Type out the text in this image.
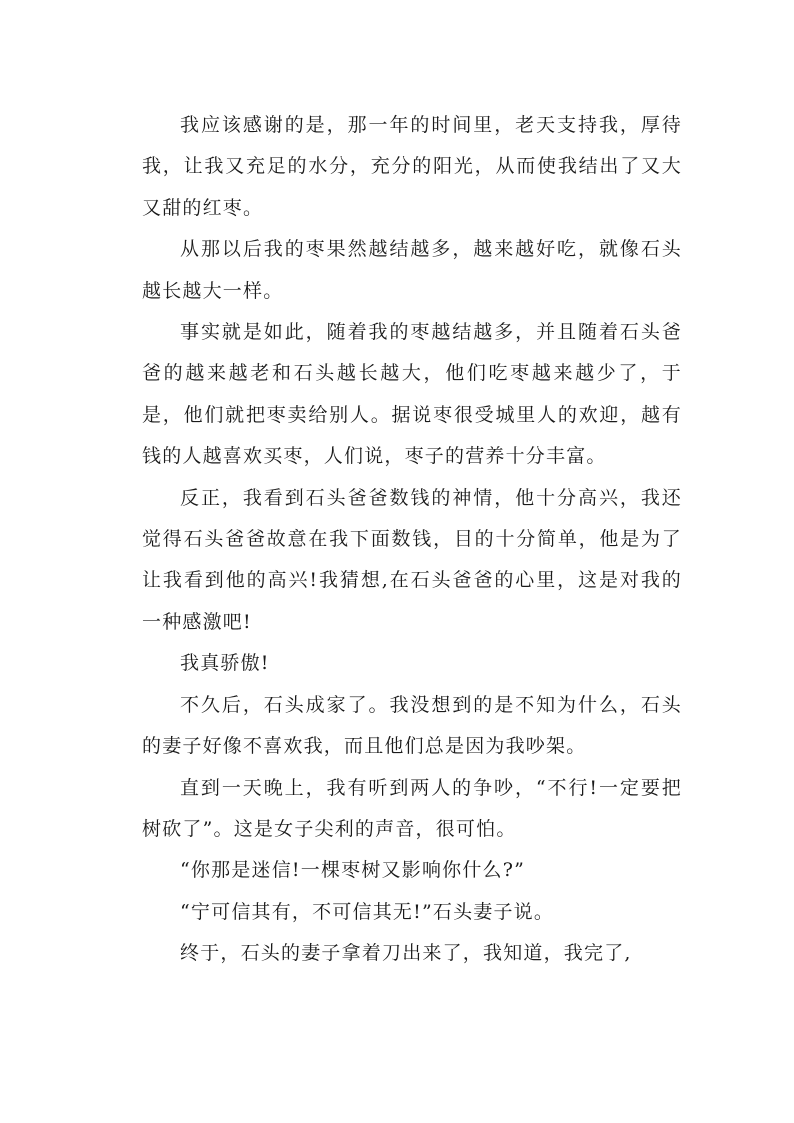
我应该感谢的是，那一年的时间里，老天支持我，厚待我，让我又充足的水分，充分的阳光，从而使我结出了又大又甜的红枣。

从那以后我的枣果然越结越多，越来越好吃，就像石头越长越大一样。

事实就是如此，随着我的枣越结越多，并且随着石头爸爸的越来越老和石头越长越大，他们吃枣越来越少了，于是，他们就把枣卖给别人。据说枣很受城里人的欢迎，越有钱的人越喜欢买枣，人们说，枣子的营养十分丰富。

反正，我看到石头爸爸数钱的神情，他十分高兴，我还觉得石头爸爸故意在我下面数钱，目的十分简单，他是为了让我看到他的高兴!我猜想,在石头爸爸的心里，这是对我的一种感激吧!

我真骄傲!

不久后，石头成家了。我没想到的是不知为什么，石头的妻子好像不喜欢我，而且他们总是因为我吵架。

直到一天晚上，我有听到两人的争吵，“不行!一定要把树砍了”。这是女子尖利的声音，很可怕。

“你那是迷信!一棵枣树又影响你什么?”

“宁可信其有，不可信其无!”石头妻子说。

终于，石头的妻子拿着刀出来了，我知道，我完了,
